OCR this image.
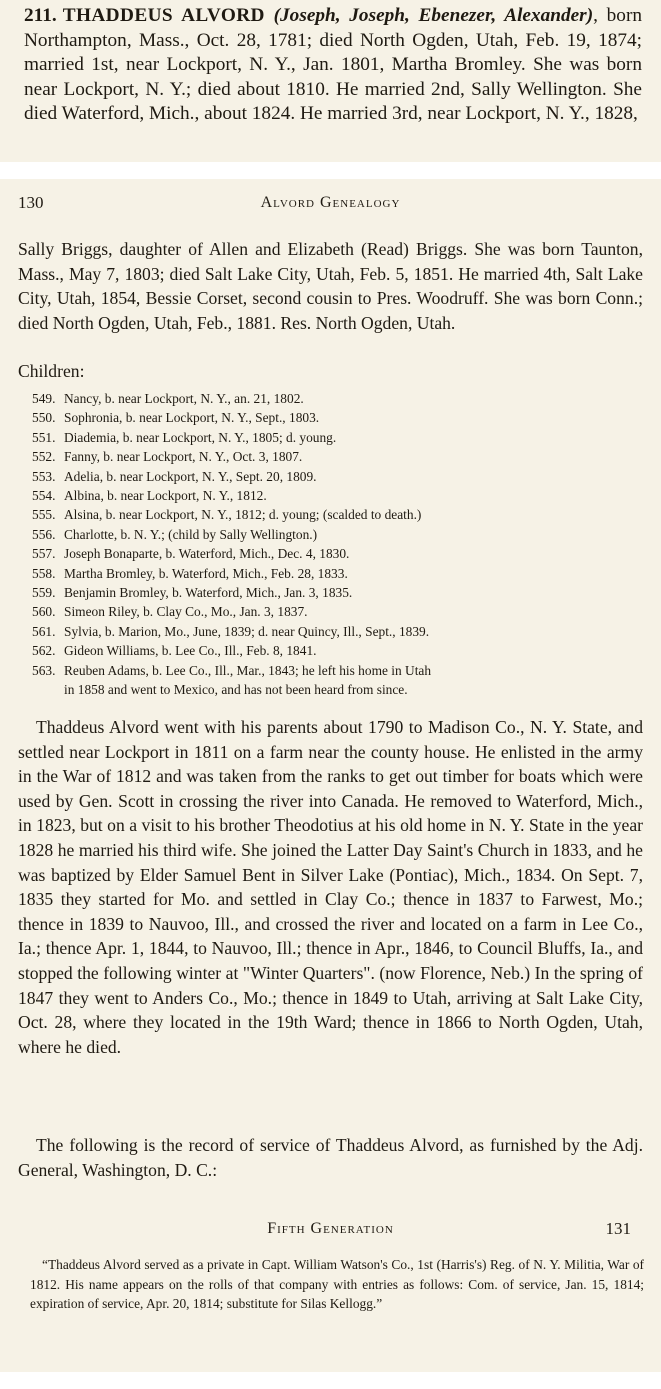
211. THADDEUS ALVORD (Joseph, Joseph, Ebenezer, Alexander), born Northampton, Mass., Oct. 28, 1781; died North Ogden, Utah, Feb. 19, 1874; married 1st, near Lockport, N. Y., Jan. 1801, Martha Bromley. She was born near Lockport, N. Y.; died about 1810. He married 2nd, Sally Wellington. She died Waterford, Mich., about 1824. He married 3rd, near Lockport, N. Y., 1828,

130	Alvord Genealogy

Sally Briggs, daughter of Allen and Elizabeth (Read) Briggs. She was born Taunton, Mass., May 7, 1803; died Salt Lake City, Utah, Feb. 5, 1851. He married 4th, Salt Lake City, Utah, 1854, Bessie Corset, second cousin to Pres. Woodruff. She was born Conn.; died North Ogden, Utah, Feb., 1881. Res. North Ogden, Utah.

Children:
549. Nancy, b. near Lockport, N. Y., an. 21, 1802.
550. Sophronia, b. near Lockport, N. Y., Sept., 1803.
551. Diademia, b. near Lockport, N. Y., 1805; d. young.
552. Fanny, b. near Lockport, N. Y., Oct. 3, 1807.
553. Adelia, b. near Lockport, N. Y., Sept. 20, 1809.
554. Albina, b. near Lockport, N. Y., 1812.
555. Alsina, b. near Lockport, N. Y., 1812; d. young; (scalded to death.)
556. Charlotte, b. N. Y.; (child by Sally Wellington.)
557. Joseph Bonaparte, b. Waterford, Mich., Dec. 4, 1830.
558. Martha Bromley, b. Waterford, Mich., Feb. 28, 1833.
559. Benjamin Bromley, b. Waterford, Mich., Jan. 3, 1835.
560. Simeon Riley, b. Clay Co., Mo., Jan. 3, 1837.
561. Sylvia, b. Marion, Mo., June, 1839; d. near Quincy, Ill., Sept., 1839.
562. Gideon Williams, b. Lee Co., Ill., Feb. 8, 1841.
563. Reuben Adams, b. Lee Co., Ill., Mar., 1843; he left his home in Utah
in 1858 and went to Mexico, and has not been heard from since.

Thaddeus Alvord went with his parents about 1790 to Madison Co., N. Y. State, and settled near Lockport in 1811 on a farm near the county house. He enlisted in the army in the War of 1812 and was taken from the ranks to get out timber for boats which were used by Gen. Scott in crossing the river into Canada. He removed to Waterford, Mich., in 1823, but on a visit to his brother Theodotius at his old home in N. Y. State in the year 1828 he married his third wife. She joined the Latter Day Saint's Church in 1833, and he was baptized by Elder Samuel Bent in Silver Lake (Pontiac), Mich., 1834. On Sept. 7, 1835 they started for Mo. and settled in Clay Co.; thence in 1837 to Farwest, Mo.; thence in 1839 to Nauvoo, Ill., and crossed the river and located on a farm in Lee Co., Ia.; thence Apr. 1, 1844, to Nauvoo, Ill.; thence in Apr., 1846, to Council Bluffs, Ia., and stopped the following winter at "Winter Quarters". (now Florence, Neb.) In the spring of 1847 they went to Anders Co., Mo.; thence in 1849 to Utah, arriving at Salt Lake City, Oct. 28, where they located in the 19th Ward; thence in 1866 to North Ogden, Utah, where he died.

The following is the record of service of Thaddeus Alvord, as furnished by the Adj. General, Washington, D. C.:

Fifth Generation	131

“Thaddeus Alvord served as a private in Capt. William Watson's Co., 1st (Harris's) Reg. of N. Y. Militia, War of 1812. His name appears on the rolls of that company with entries as follows: Com. of service, Jan. 15, 1814; expiration of service, Apr. 20, 1814; substitute for Silas Kellogg.”
